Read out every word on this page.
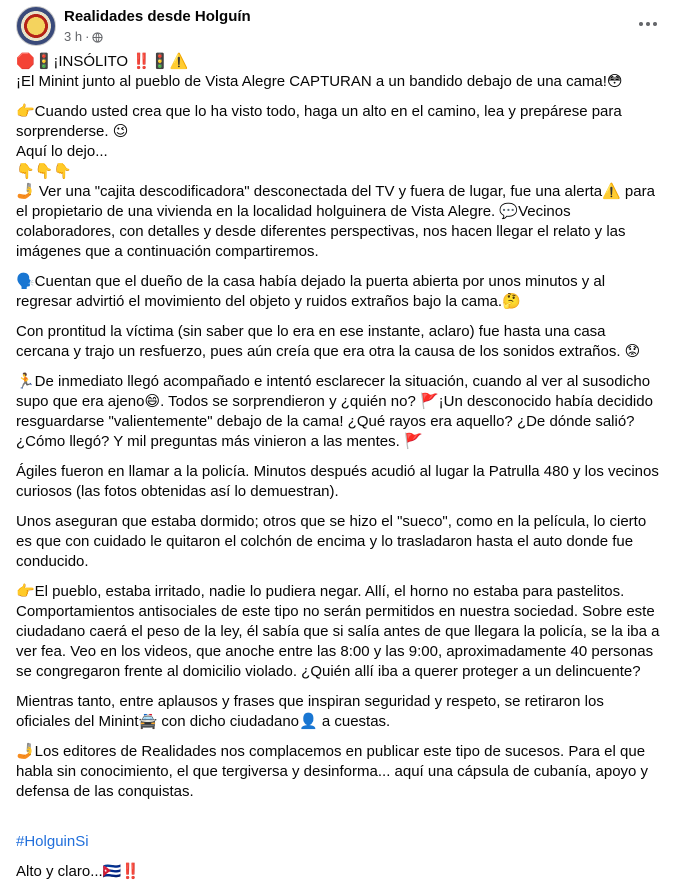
Realidades desde Holguín
3 h ·

🛑🚦¡INSÓLITO ‼️🚦⚠️
¡El Minint junto al pueblo de Vista Alegre CAPTURAN a un bandido debajo de una cama!😳

👉Cuando usted crea que lo ha visto todo, haga un alto en el camino, lea y prepárese para sorprenderse. 😉
Aquí lo dejo...
👇👇👇
🤳 Ver una "cajita descodificadora" desconectada del TV y fuera de lugar, fue una alerta⚠️ para el propietario de una vivienda en la localidad holguinera de Vista Alegre. 💬Vecinos colaboradores, con detalles y desde diferentes perspectivas, nos hacen llegar el relato y las imágenes que a continuación compartiremos.

🗣️Cuentan que el dueño de la casa había dejado la puerta abierta por unos minutos y al regresar advirtió el movimiento del objeto y ruidos extraños bajo la cama.🤔

Con prontitud la víctima (sin saber que lo era en ese instante, aclaro) fue hasta una casa cercana y trajo un resfuerzo, pues aún creía que era otra la causa de los sonidos extraños. 😟

🏃De inmediato llegó acompañado e intentó esclarecer la situación, cuando al ver al susodicho supo que era ajeno😄. Todos se sorprendieron y ¿quién no? 🚩¡Un desconocido había decidido resguardarse "valientemente" debajo de la cama! ¿Qué rayos era aquello? ¿De dónde salió?
¿Cómo llegó? Y mil preguntas más vinieron a las mentes. 🚩

Ágiles fueron en llamar a la policía. Minutos después acudió al lugar la Patrulla 480 y los vecinos curiosos (las fotos obtenidas así lo demuestran).

Unos aseguran que estaba dormido; otros que se hizo el "sueco", como en la película, lo cierto es que con cuidado le quitaron el colchón de encima y lo trasladaron hasta el auto donde fue conducido.

👉El pueblo, estaba irritado, nadie lo pudiera negar. Allí, el horno no estaba para pastelitos. Comportamientos antisociales de este tipo no serán permitidos en nuestra sociedad. Sobre este ciudadano caerá el peso de la ley, él sabía que si salía antes de que llegara la policía, se la iba a ver fea. Veo en los videos, que anoche entre las 8:00 y las 9:00, aproximadamente 40 personas se congregaron frente al domicilio violado. ¿Quién allí iba a querer proteger a un delincuente?

Mientras tanto, entre aplausos y frases que inspiran seguridad y respeto, se retiraron los oficiales del Minint🚔 con dicho ciudadano👤 a cuestas.

🤳Los editores de Realidades nos complacemos en publicar este tipo de sucesos. Para el que habla sin conocimiento, el que tergiversa y desinforma... aquí una cápsula de cubanía, apoyo y defensa de las conquistas.

#HolguinSi

Alto y claro...🇨🇺‼️
